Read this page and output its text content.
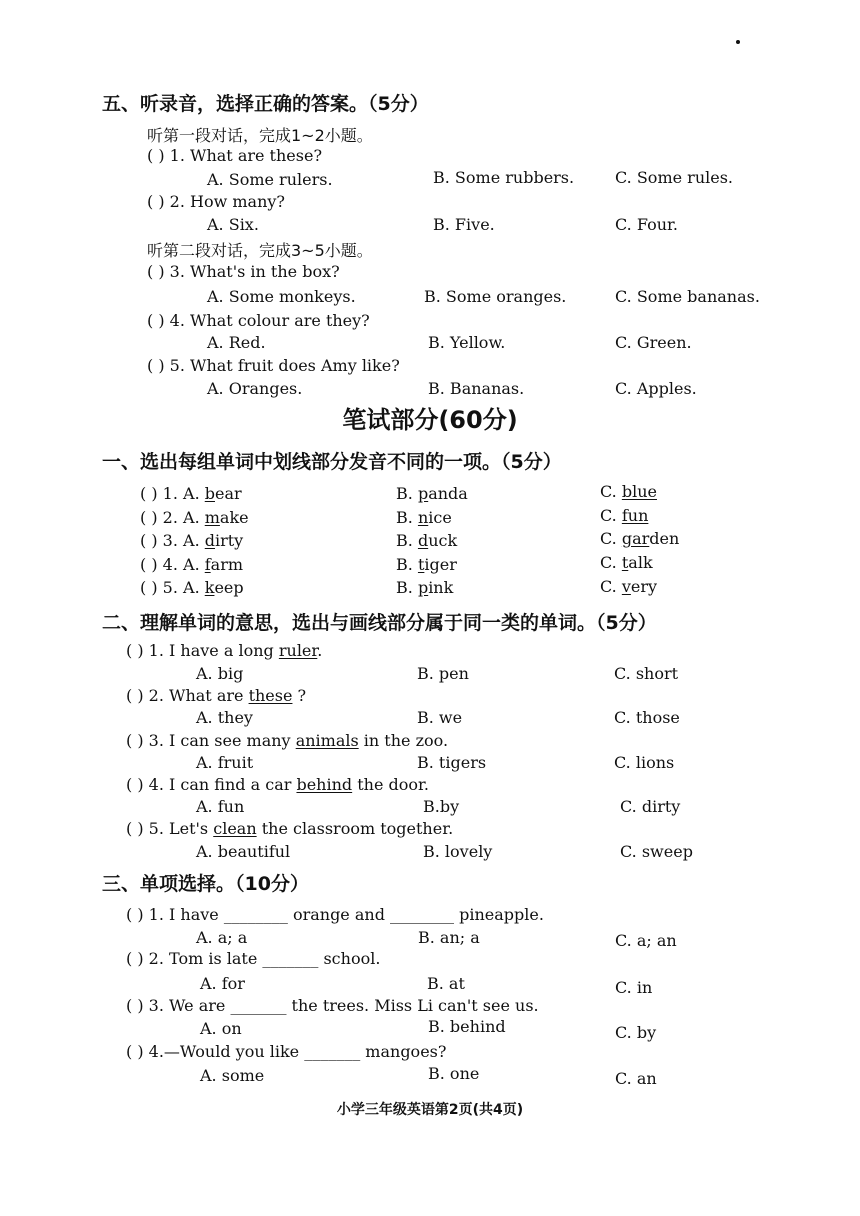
五、听录音，选择正确的答案。（5分）
听第一段对话，完成1~2小题。
( ) 1. What are these?
A. Some rulers.	B. Some rubbers.	C. Some rules.
( ) 2. How many?
A. Six.	B. Five.	C. Four.
听第二段对话，完成3~5小题。
( ) 3. What's in the box?
A. Some monkeys.	B. Some oranges.	C. Some bananas.
( ) 4. What colour are they?
A. Red.	B. Yellow.	C. Green.
( ) 5. What fruit does Amy like?
A. Oranges.	B. Bananas.	C. Apples.
笔试部分(60分)
一、选出每组单词中划线部分发音不同的一项。（5分）
( ) 1. A. bear	B. panda	C. blue
( ) 2. A. make	B. nice	C. fun
( ) 3. A. dirty	B. duck	C. garden
( ) 4. A. farm	B. tiger	C. talk
( ) 5. A. keep	B. pink	C. very
二、理解单词的意思，选出与画线部分属于同一类的单词。（5分）
( ) 1. I have a long ruler.
A. big	B. pen	C. short
( ) 2. What are these ?
A. they	B. we	C. those
( ) 3. I can see many animals in the zoo.
A. fruit	B. tigers	C. lions
( ) 4. I can find a car behind the door.
A. fun	B.by	C. dirty
( ) 5. Let's clean the classroom together.
A. beautiful	B. lovely	C. sweep
三、单项选择。（10分）
( ) 1. I have ________ orange and ________ pineapple.
A. a; a	B. an; a	C. a; an
( ) 2. Tom is late _______ school.
A. for	B. at	C. in
( ) 3. We are _______ the trees. Miss Li can't see us.
A. on	B. behind	C. by
( ) 4.—Would you like _______ mangoes?
A. some	B. one	C. an
小学三年级英语第2页(共4页)
